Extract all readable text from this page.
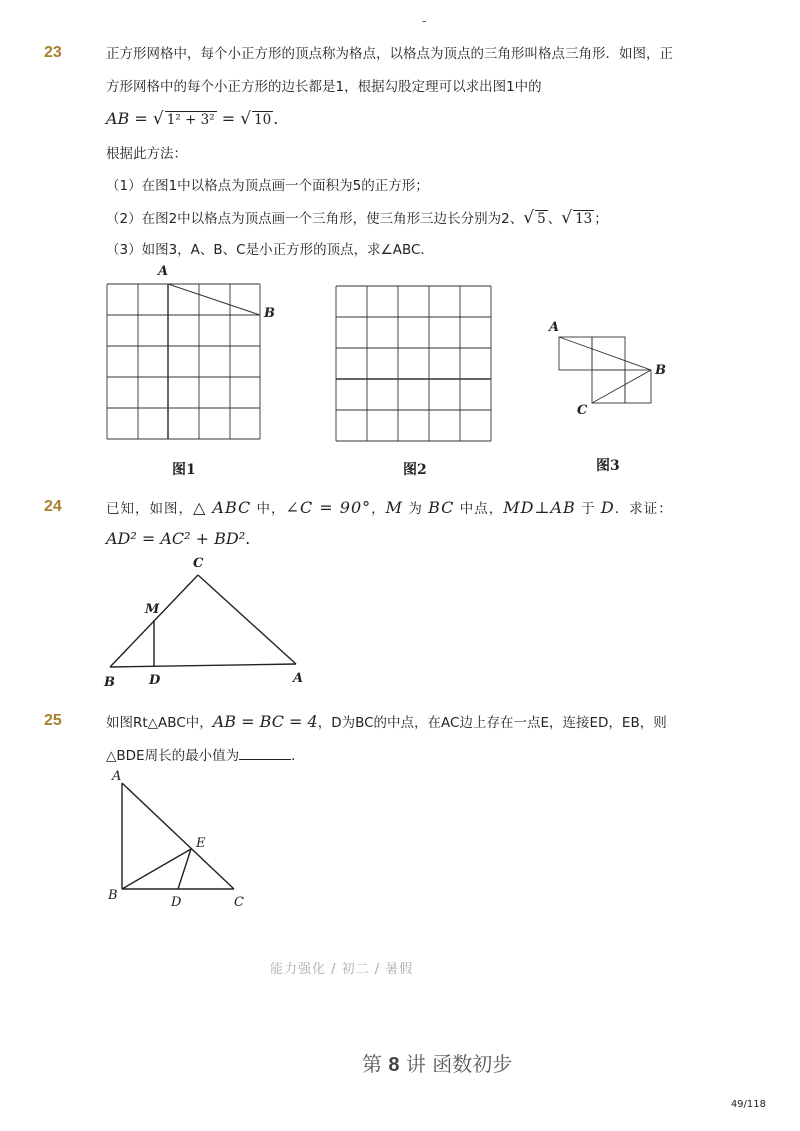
-
23	正方形网格中，每个小正方形的顶点称为格点，以格点为顶点的三角形叫格点三角形．如图，正
方形网格中的每个小正方形的边长都是1，根据勾股定理可以求出图1中的
AB = √ 1² + 3² = √ 10 .
根据此方法：
（1）在图1中以格点为顶点画一个面积为5的正方形；
（2）在图2中以格点为顶点画一个三角形，使三角形三边长分别为2、√ 5 、√ 13 ；
（3）如图3，A、B、C是小正方形的顶点，求∠ABC．
A
B
图1	图2
A
B
C
图3
24	已知，如图，△ ABC 中，∠C = 90°，M 为 BC 中点，MD⊥AB 于 D．求证：
AD² = AC² + BD².
C
M
B	D	A
25	如图Rt△ABC中，AB = BC = 4，D为BC的中点，在AC边上存在一点E，连接ED，EB，则
△BDE周长的最小值为	．
A
E
B	D	C
能力强化 / 初二 / 暑假
第 8 讲 函数初步
49/118
